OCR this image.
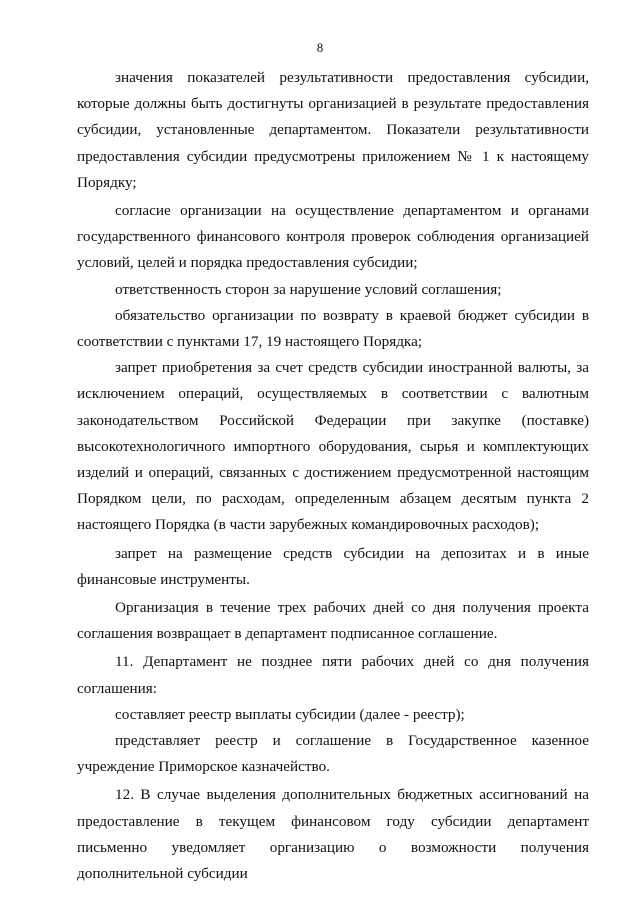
8

значения показателей результативности предоставления субсидии, которые должны быть достигнуты организацией в результате предоставления субсидии, установленные департаментом. Показатели результативности предоставления субсидии предусмотрены приложением № 1 к настоящему Порядку;

согласие организации на осуществление департаментом и органами государственного финансового контроля проверок соблюдения организацией условий, целей и порядка предоставления субсидии;

ответственность сторон за нарушение условий соглашения;

обязательство организации по возврату в краевой бюджет субсидии в соответствии с пунктами 17, 19 настоящего Порядка;

запрет приобретения за счет средств субсидии иностранной валюты, за исключением операций, осуществляемых в соответствии с валютным законодательством Российской Федерации при закупке (поставке) высокотехнологичного импортного оборудования, сырья и комплектующих изделий и операций, связанных с достижением предусмотренной настоящим Порядком цели, по расходам, определенным абзацем десятым пункта 2 настоящего Порядка (в части зарубежных командировочных расходов);

запрет на размещение средств субсидии на депозитах и в иные финансовые инструменты.

Организация в течение трех рабочих дней со дня получения проекта соглашения возвращает в департамент подписанное соглашение.

11. Департамент не позднее пяти рабочих дней со дня получения соглашения:

составляет реестр выплаты субсидии (далее - реестр);

представляет реестр и соглашение в Государственное казенное учреждение Приморское казначейство.

12. В случае выделения дополнительных бюджетных ассигнований на предоставление в текущем финансовом году субсидии департамент письменно уведомляет организацию о возможности получения дополнительной субсидии
